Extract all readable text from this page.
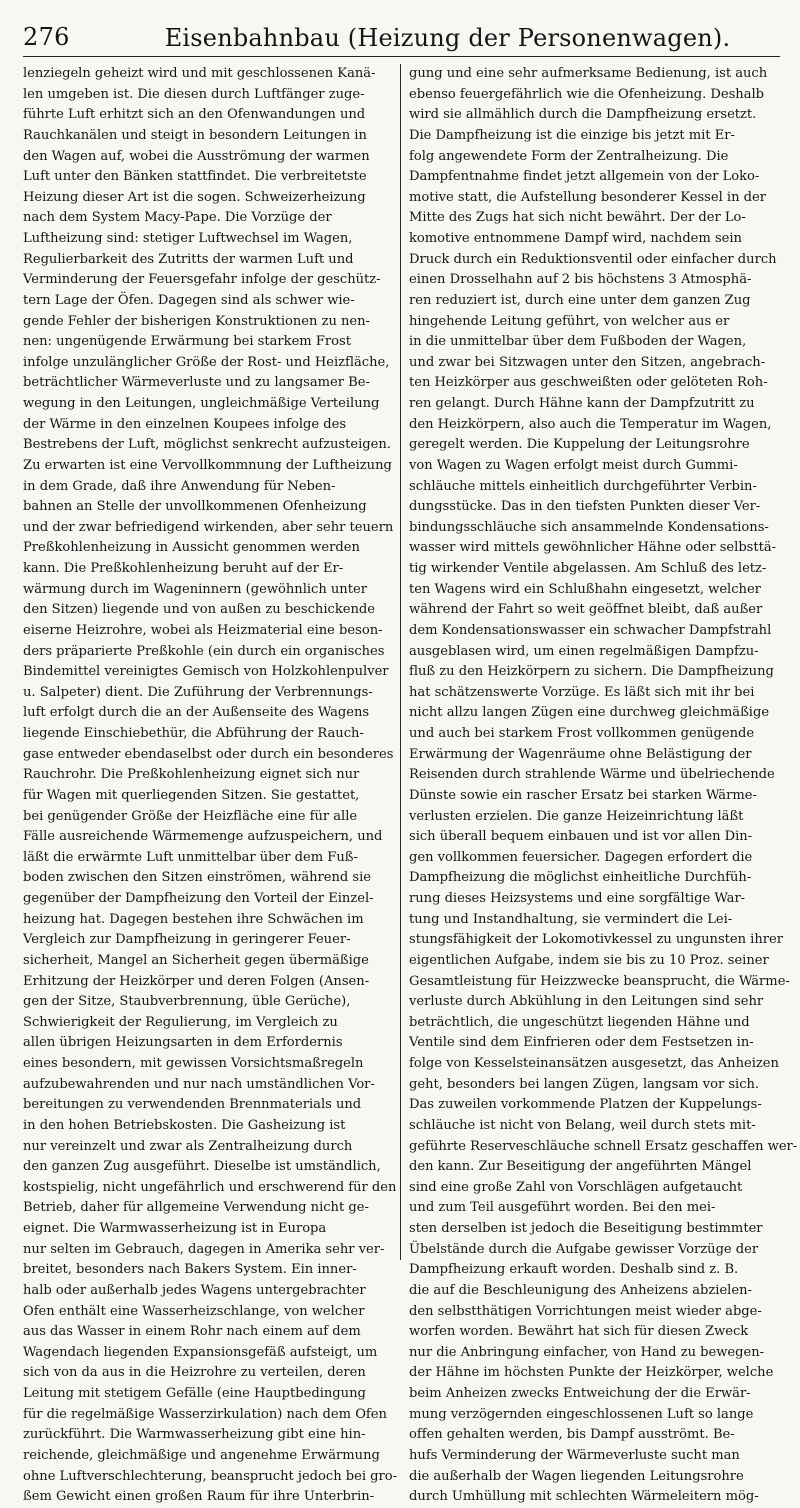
276	Eisenbahnbau (Heizung der Personenwagen).
lenziegeln geheizt wird und mit geschlossenen Kanä-
len umgeben ist. Die diesen durch Luftfänger zuge-
führte Luft erhitzt sich an den Ofenwandungen und
Rauchkanälen und steigt in besondern Leitungen in
den Wagen auf, wobei die Ausströmung der warmen
Luft unter den Bänken stattfindet. Die verbreitetste
Heizung dieser Art ist die sogen. Schweizerheizung
nach dem System Macy-Pape. Die Vorzüge der
Luftheizung sind: stetiger Luftwechsel im Wagen,
Regulierbarkeit des Zutritts der warmen Luft und
Verminderung der Feuersgefahr infolge der geschütz-
tern Lage der Öfen. Dagegen sind als schwer wie-
gende Fehler der bisherigen Konstruktionen zu nen-
nen: ungenügende Erwärmung bei starkem Frost
infolge unzulänglicher Größe der Rost- und Heizfläche,
beträchtlicher Wärmeverluste und zu langsamer Be-
wegung in den Leitungen, ungleichmäßige Verteilung
der Wärme in den einzelnen Koupees infolge des
Bestrebens der Luft, möglichst senkrecht aufzusteigen.
Zu erwarten ist eine Vervollkommnung der Luftheizung
in dem Grade, daß ihre Anwendung für Neben-
bahnen an Stelle der unvollkommenen Ofenheizung
und der zwar befriedigend wirkenden, aber sehr teuern
Preßkohlenheizung in Aussicht genommen werden
kann. Die Preßkohlenheizung beruht auf der Er-
wärmung durch im Wageninnern (gewöhnlich unter
den Sitzen) liegende und von außen zu beschickende
eiserne Heizrohre, wobei als Heizmaterial eine beson-
ders präparierte Preßkohle (ein durch ein organisches
Bindemittel vereinigtes Gemisch von Holzkohlenpulver
u. Salpeter) dient. Die Zuführung der Verbrennungs-
luft erfolgt durch die an der Außenseite des Wagens
liegende Einschiebethür, die Abführung der Rauch-
gase entweder ebendaselbst oder durch ein besonderes
Rauchrohr. Die Preßkohlenheizung eignet sich nur
für Wagen mit querliegenden Sitzen. Sie gestattet,
bei genügender Größe der Heizfläche eine für alle
Fälle ausreichende Wärmemenge aufzuspeichern, und
läßt die erwärmte Luft unmittelbar über dem Fuß-
boden zwischen den Sitzen einströmen, während sie
gegenüber der Dampfheizung den Vorteil der Einzel-
heizung hat. Dagegen bestehen ihre Schwächen im
Vergleich zur Dampfheizung in geringerer Feuer-
sicherheit, Mangel an Sicherheit gegen übermäßige
Erhitzung der Heizkörper und deren Folgen (Ansen-
gen der Sitze, Staubverbrennung, üble Gerüche),
Schwierigkeit der Regulierung, im Vergleich zu
allen übrigen Heizungsarten in dem Erfordernis
eines besondern, mit gewissen Vorsichtsmaßregeln
aufzubewahrenden und nur nach umständlichen Vor-
bereitungen zu verwendenden Brennmaterials und
in den hohen Betriebskosten. Die Gasheizung ist
nur vereinzelt und zwar als Zentralheizung durch
den ganzen Zug ausgeführt. Dieselbe ist umständlich,
kostspielig, nicht ungefährlich und erschwerend für den
Betrieb, daher für allgemeine Verwendung nicht ge-
eignet. Die Warmwasserheizung ist in Europa
nur selten im Gebrauch, dagegen in Amerika sehr ver-
breitet, besonders nach Bakers System. Ein inner-
halb oder außerhalb jedes Wagens untergebrachter
Ofen enthält eine Wasserheizschlange, von welcher
aus das Wasser in einem Rohr nach einem auf dem
Wagendach liegenden Expansionsgefäß aufsteigt, um
sich von da aus in die Heizrohre zu verteilen, deren
Leitung mit stetigem Gefälle (eine Hauptbedingung
für die regelmäßige Wasserzirkulation) nach dem Ofen
zurückführt. Die Warmwasserheizung gibt eine hin-
reichende, gleichmäßige und angenehme Erwärmung
ohne Luftverschlechterung, beansprucht jedoch bei gro-
ßem Gewicht einen großen Raum für ihre Unterbrin-
gung und eine sehr aufmerksame Bedienung, ist auch
ebenso feuergefährlich wie die Ofenheizung. Deshalb
wird sie allmählich durch die Dampfheizung ersetzt.
Die Dampfheizung ist die einzige bis jetzt mit Er-
folg angewendete Form der Zentralheizung. Die
Dampfentnahme findet jetzt allgemein von der Loko-
motive statt, die Aufstellung besonderer Kessel in der
Mitte des Zugs hat sich nicht bewährt. Der der Lo-
komotive entnommene Dampf wird, nachdem sein
Druck durch ein Reduktionsventil oder einfacher durch
einen Drosselhahn auf 2 bis höchstens 3 Atmosphä-
ren reduziert ist, durch eine unter dem ganzen Zug
hingehende Leitung geführt, von welcher aus er
in die unmittelbar über dem Fußboden der Wagen,
und zwar bei Sitzwagen unter den Sitzen, angebrach-
ten Heizkörper aus geschweißten oder gelöteten Roh-
ren gelangt. Durch Hähne kann der Dampfzutritt zu
den Heizkörpern, also auch die Temperatur im Wagen,
geregelt werden. Die Kuppelung der Leitungsrohre
von Wagen zu Wagen erfolgt meist durch Gummi-
schläuche mittels einheitlich durchgeführter Verbin-
dungsstücke. Das in den tiefsten Punkten dieser Ver-
bindungsschläuche sich ansammelnde Kondensations-
wasser wird mittels gewöhnlicher Hähne oder selbsttä-
tig wirkender Ventile abgelassen. Am Schluß des letz-
ten Wagens wird ein Schlußhahn eingesetzt, welcher
während der Fahrt so weit geöffnet bleibt, daß außer
dem Kondensationswasser ein schwacher Dampfstrahl
ausgeblasen wird, um einen regelmäßigen Dampfzu-
fluß zu den Heizkörpern zu sichern. Die Dampfheizung
hat schätzenswerte Vorzüge. Es läßt sich mit ihr bei
nicht allzu langen Zügen eine durchweg gleichmäßige
und auch bei starkem Frost vollkommen genügende
Erwärmung der Wagenräume ohne Belästigung der
Reisenden durch strahlende Wärme und übelriechende
Dünste sowie ein rascher Ersatz bei starken Wärme-
verlusten erzielen. Die ganze Heizeinrichtung läßt
sich überall bequem einbauen und ist vor allen Din-
gen vollkommen feuersicher. Dagegen erfordert die
Dampfheizung die möglichst einheitliche Durchfüh-
rung dieses Heizsystems und eine sorgfältige War-
tung und Instandhaltung, sie vermindert die Lei-
stungsfähigkeit der Lokomotivkessel zu ungunsten ihrer
eigentlichen Aufgabe, indem sie bis zu 10 Proz. seiner
Gesamtleistung für Heizzwecke beansprucht, die Wärme-
verluste durch Abkühlung in den Leitungen sind sehr
beträchtlich, die ungeschützt liegenden Hähne und
Ventile sind dem Einfrieren oder dem Festsetzen in-
folge von Kesselsteinansätzen ausgesetzt, das Anheizen
geht, besonders bei langen Zügen, langsam vor sich.
Das zuweilen vorkommende Platzen der Kuppelungs-
schläuche ist nicht von Belang, weil durch stets mit-
geführte Reserveschläuche schnell Ersatz geschaffen wer-
den kann. Zur Beseitigung der angeführten Mängel
sind eine große Zahl von Vorschlägen aufgetaucht
und zum Teil ausgeführt worden. Bei den mei-
sten derselben ist jedoch die Beseitigung bestimmter
Übelstände durch die Aufgabe gewisser Vorzüge der
Dampfheizung erkauft worden. Deshalb sind z. B.
die auf die Beschleunigung des Anheizens abzielen-
den selbstthätigen Vorrichtungen meist wieder abge-
worfen worden. Bewährt hat sich für diesen Zweck
nur die Anbringung einfacher, von Hand zu bewegen-
der Hähne im höchsten Punkte der Heizkörper, welche
beim Anheizen zwecks Entweichung der die Erwär-
mung verzögernden eingeschlossenen Luft so lange
offen gehalten werden, bis Dampf ausströmt. Be-
hufs Verminderung der Wärmeverluste sucht man
die außerhalb der Wagen liegenden Leitungsrohre
durch Umhüllung mit schlechten Wärmeleitern mög-
